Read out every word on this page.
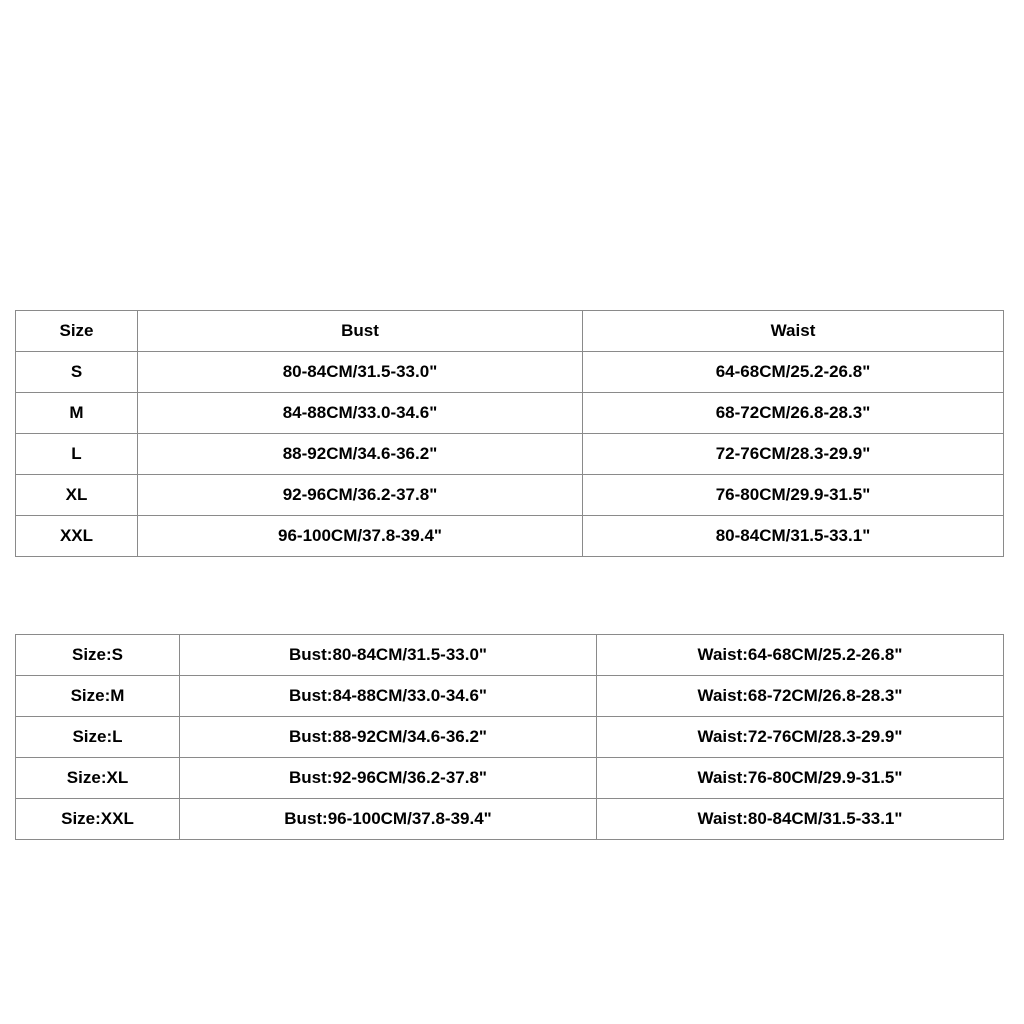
Size	Bust	Waist
S	80-84CM/31.5-33.0"	64-68CM/25.2-26.8"
M	84-88CM/33.0-34.6"	68-72CM/26.8-28.3"
L	88-92CM/34.6-36.2"	72-76CM/28.3-29.9"
XL	92-96CM/36.2-37.8"	76-80CM/29.9-31.5"
XXL	96-100CM/37.8-39.4"	80-84CM/31.5-33.1"
Size:S	Bust:80-84CM/31.5-33.0"	Waist:64-68CM/25.2-26.8"
Size:M	Bust:84-88CM/33.0-34.6"	Waist:68-72CM/26.8-28.3"
Size:L	Bust:88-92CM/34.6-36.2"	Waist:72-76CM/28.3-29.9"
Size:XL	Bust:92-96CM/36.2-37.8"	Waist:76-80CM/29.9-31.5"
Size:XXL	Bust:96-100CM/37.8-39.4"	Waist:80-84CM/31.5-33.1"
